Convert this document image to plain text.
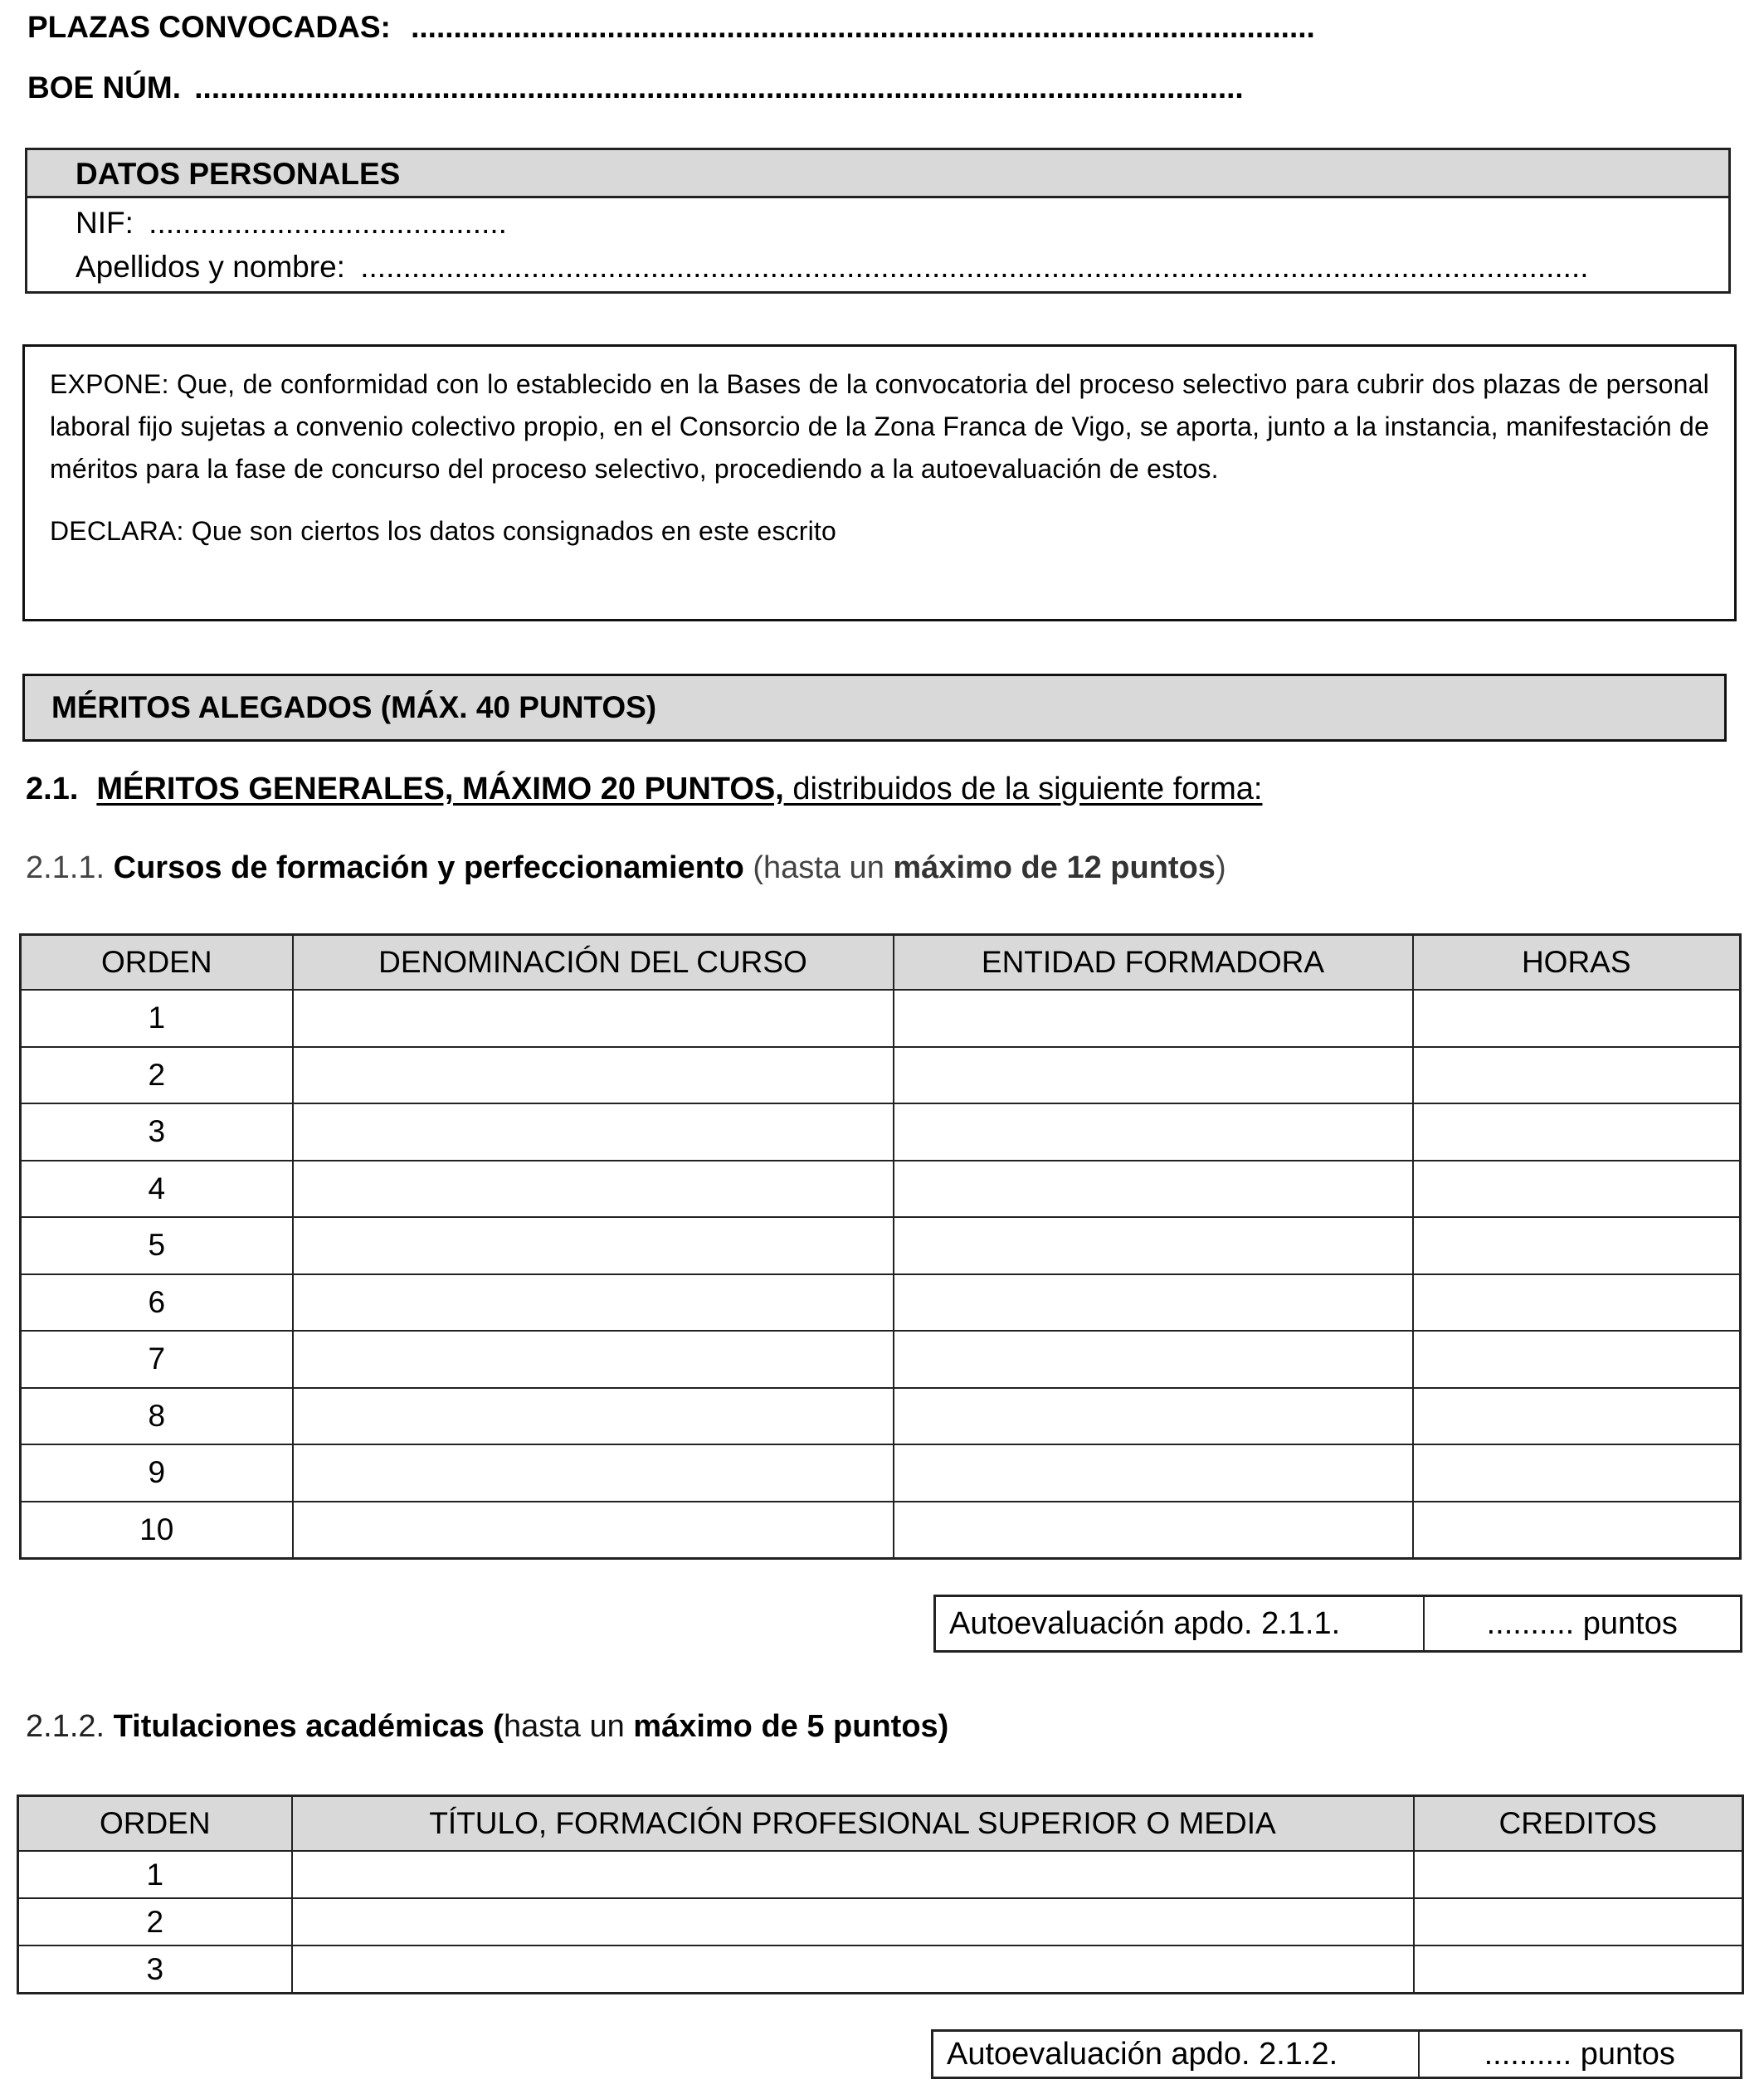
PLAZAS CONVOCADAS: ..........................................................................................................
BOE NÚM. ...........................................................................................................................
DATOS PERSONALES
NIF: ..........................................
Apellidos y nombre: ................................................................................................................................................

EXPONE: Que, de conformidad con lo establecido en la Bases de la convocatoria del proceso selectivo para cubrir dos plazas de personal laboral fijo sujetas a convenio colectivo propio, en el Consorcio de la Zona Franca de Vigo, se aporta, junto a la instancia, manifestación de méritos para la fase de concurso del proceso selectivo, procediendo a la autoevaluación de estos.

DECLARA: Que son ciertos los datos consignados en este escrito

MÉRITOS ALEGADOS (MÁX. 40 PUNTOS)
2.1. MÉRITOS GENERALES, MÁXIMO 20 PUNTOS, distribuidos de la siguiente forma:
2.1.1. Cursos de formación y perfeccionamiento (hasta un máximo de 12 puntos)
ORDEN	DENOMINACIÓN DEL CURSO	ENTIDAD FORMADORA	HORAS
1			
2			
3			
4			
5			
6			
7			
8			
9			
10			
Autoevaluación apdo. 2.1.1.	.......... puntos
2.1.2. Titulaciones académicas (hasta un máximo de 5 puntos)
ORDEN	TÍTULO, FORMACIÓN PROFESIONAL SUPERIOR O MEDIA	CREDITOS
1		
2		
3		
Autoevaluación apdo. 2.1.2.	.......... puntos
